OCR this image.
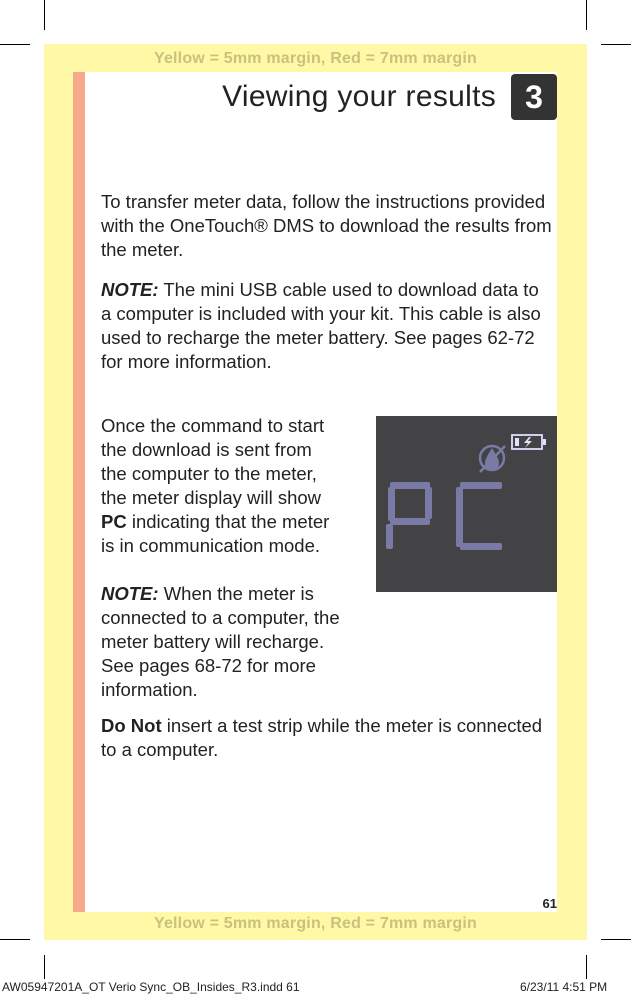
Yellow = 5mm margin, Red = 7mm margin
Yellow = 5mm margin, Red = 7mm margin
Viewing your results 3
To transfer meter data, follow the instructions provided with the OneTouch® DMS to download the results from the meter.
NOTE: The mini USB cable used to download data to a computer is included with your kit. This cable is also used to recharge the meter battery. See pages 62-72 for more information.
Once the command to start the download is sent from the computer to the meter, the meter display will show PC indicating that the meter is in communication mode.
NOTE: When the meter is connected to a computer, the meter battery will recharge. See pages 68-72 for more information.
Do Not insert a test strip while the meter is connected to a computer.
PC
61
AW05947201A_OT Verio Sync_OB_Insides_R3.indd 61	6/23/11 4:51 PM
